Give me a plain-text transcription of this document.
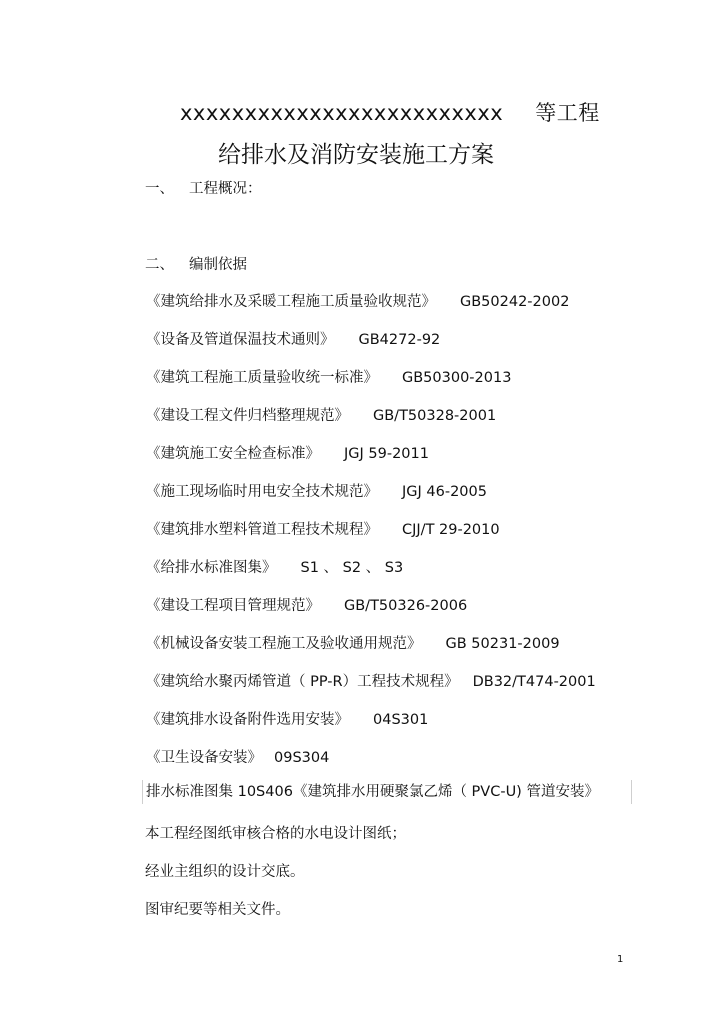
xxxxxxxxxxxxxxxxxxxxxxxxx 等工程
给排水及消防安装施工方案
一、 工程概况：
二、 编制依据
《建筑给排水及采暖工程施工质量验收规范》 GB50242-2002
《设备及管道保温技术通则》 GB4272-92
《建筑工程施工质量验收统一标准》 GB50300-2013
《建设工程文件归档整理规范》 GB/T50328-2001
《建筑施工安全检查标准》 JGJ 59-2011
《施工现场临时用电安全技术规范》 JGJ 46-2005
《建筑排水塑料管道工程技术规程》 CJJ/T 29-2010
《给排水标准图集》 S1 、 S2 、 S3
《建设工程项目管理规范》 GB/T50326-2006
《机械设备安装工程施工及验收通用规范》 GB 50231-2009
《建筑给水聚丙烯管道（ PP-R）工程技术规程》 DB32/T474-2001
《建筑排水设备附件选用安装》 04S301
《卫生设备安装》 09S304
排水标准图集 10S406《建筑排水用硬聚氯乙烯（ PVC-U) 管道安装》
本工程经图纸审核合格的水电设计图纸；
经业主组织的设计交底。
图审纪要等相关文件。
1
